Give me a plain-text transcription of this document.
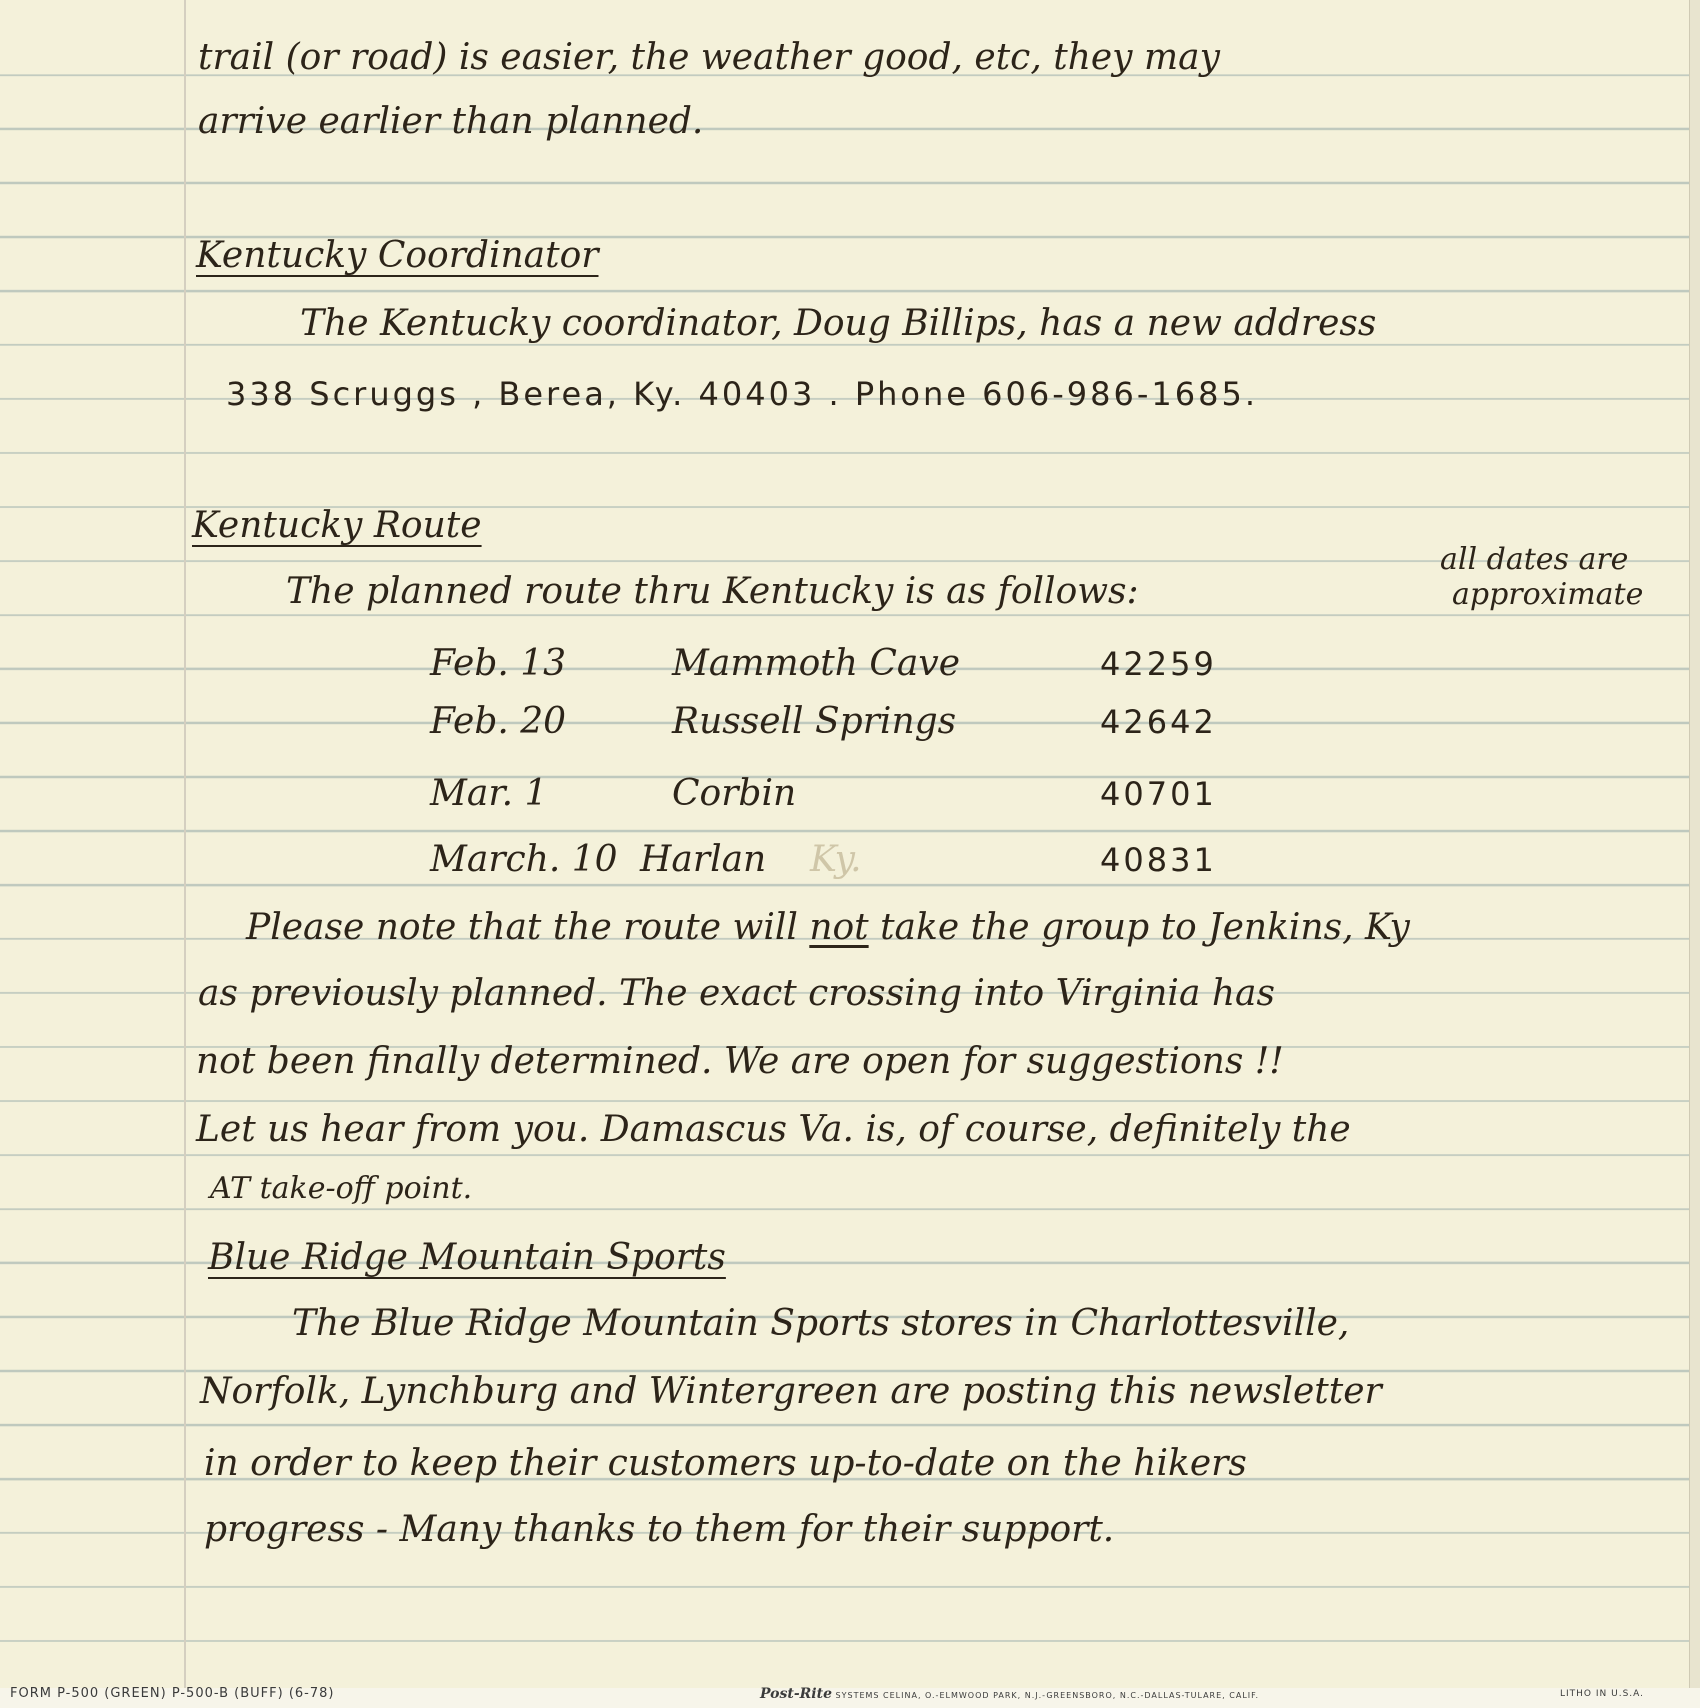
trail (or road) is easier, the weather good, etc, they may

arrive earlier than planned.

Kentucky Coordinator

The Kentucky coordinator, Doug Billips, has a new address

338 Scruggs , Berea, Ky. 40403 . Phone 606-986-1685.

Kentucky Route

The planned route thru Kentucky is as follows:

all dates are

approximate

Feb. 13	Mammoth Cave	42259

Feb. 20	Russell Springs	42642

Mar. 1	Corbin	40701

March. 10 Harlan Ky.	40831

Please note that the route will not take the group to Jenkins, Ky

as previously planned. The exact crossing into Virginia has

not been finally determined. We are open for suggestions !!

Let us hear from you. Damascus Va. is, of course, definitely the

AT take-off point.

Blue Ridge Mountain Sports

The Blue Ridge Mountain Sports stores in Charlottesville,

Norfolk, Lynchburg and Wintergreen are posting this newsletter

in order to keep their customers up-to-date on the hikers

progress - Many thanks to them for their support.

FORM P-500 (GREEN) P-500-B (BUFF) (6-78)	Post-Rite SYSTEMS CELINA, O.-ELMWOOD PARK, N.J.-GREENSBORO, N.C.-DALLAS-TULARE, CALIF.	LITHO IN U.S.A.
